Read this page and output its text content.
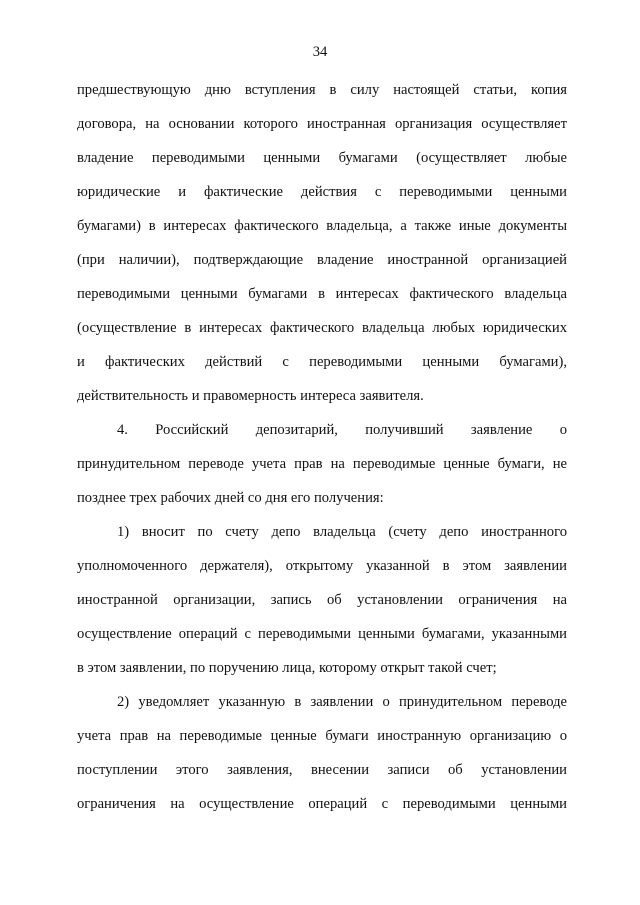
34
предшествующую дню вступления в силу настоящей статьи, копия
договора, на основании которого иностранная организация осуществляет
владение переводимыми ценными бумагами (осуществляет любые
юридические и фактические действия с переводимыми ценными
бумагами) в интересах фактического владельца, а также иные документы
(при наличии), подтверждающие владение иностранной организацией
переводимыми ценными бумагами в интересах фактического владельца
(осуществление в интересах фактического владельца любых юридических
и фактических действий с переводимыми ценными бумагами),
действительность и правомерность интереса заявителя.
4. Российский депозитарий, получивший заявление о
принудительном переводе учета прав на переводимые ценные бумаги, не
позднее трех рабочих дней со дня его получения:
1) вносит по счету депо владельца (счету депо иностранного
уполномоченного держателя), открытому указанной в этом заявлении
иностранной организации, запись об установлении ограничения на
осуществление операций с переводимыми ценными бумагами, указанными
в этом заявлении, по поручению лица, которому открыт такой счет;
2) уведомляет указанную в заявлении о принудительном переводе
учета прав на переводимые ценные бумаги иностранную организацию о
поступлении этого заявления, внесении записи об установлении
ограничения на осуществление операций с переводимыми ценными
